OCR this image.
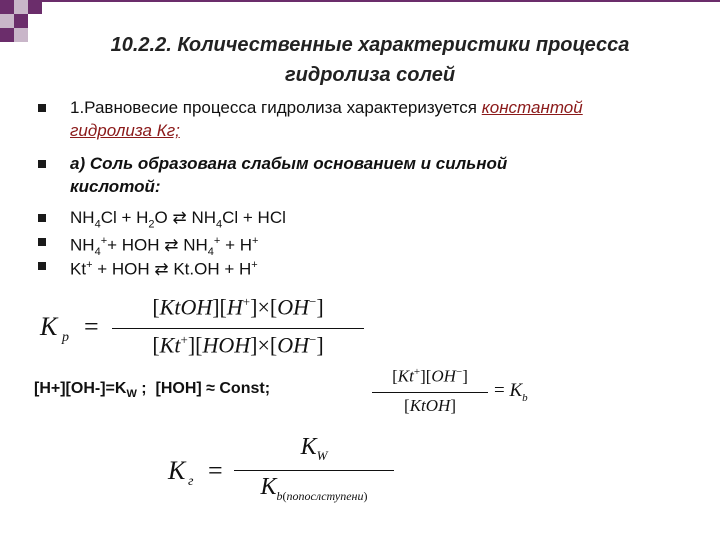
10.2.2. Количественные характеристики процесса
гидролиза солей
1.Равновесие процесса гидролиза характеризуется константой
гидролиза Кг;
а) Соль образована слабым основанием и сильной
кислотой:
$NH_4Cl + H_2O$ ⇄ $NH_4Cl$ + HCl
$NH_4^++$ HOH ⇄ $NH_4^+ + H^+$
Kt+ + HOH ⇄ Kt.OH + H+
K p =
[KtOH][H+]×[OH−]
[Kt+][HOH]×[OH−]
$[H+][OH-]=K_W$ ;  [HOH] ≈ Const;
[Kt+][OH−]
[KtOH]
= $K_b$
K г =
$K_W$
$K_{b(попослступени)}$
